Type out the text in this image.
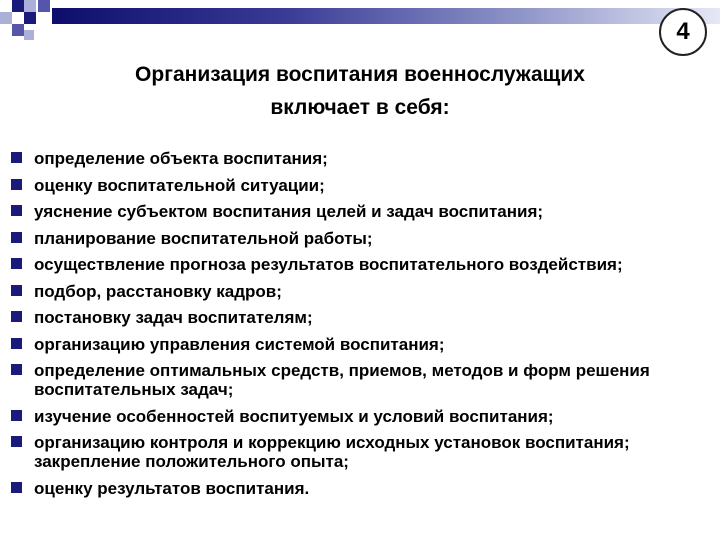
4
Организация воспитания военнослужащих
включает в себя:
определение объекта воспитания;
оценку воспитательной ситуации;
уяснение субъектом воспитания целей и задач воспитания;
планирование воспитательной работы;
осуществление прогноза результатов воспитательного воздействия;
подбор, расстановку кадров;
постановку задач воспитателям;
организацию управления системой воспитания;
определение оптимальных средств, приемов, методов и форм решения воспитательных задач;
изучение особенностей воспитуемых и условий воспитания;
организацию контроля и коррекцию исходных установок воспитания; закрепление положительного опыта;
оценку результатов воспитания.
